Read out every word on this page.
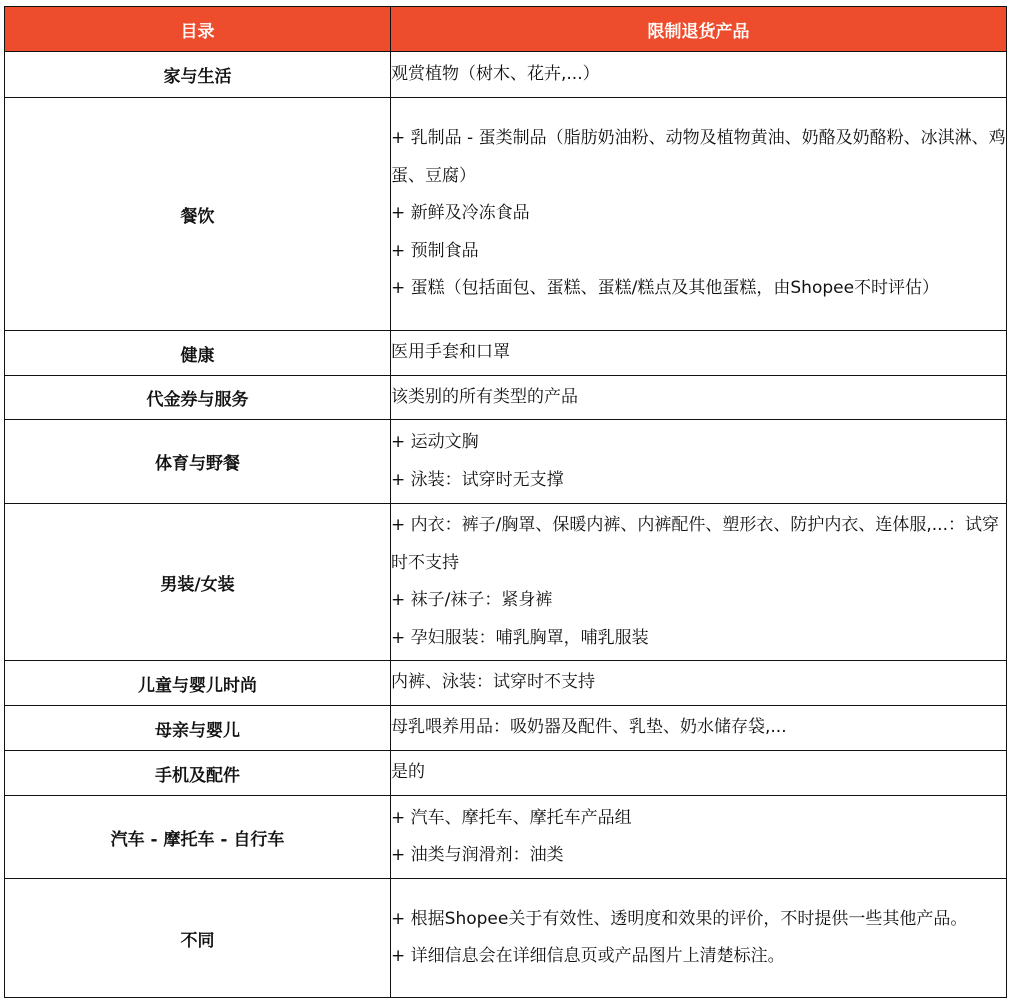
目录	限制退货产品
家与生活	观赏植物（树木、花卉,...）

餐饮	+ 乳制品 - 蛋类制品（脂肪奶油粉、动物及植物黄油、奶酪及奶酪粉、冰淇淋、鸡蛋、豆腐）
+ 新鲜及冷冻食品
+ 预制食品
+ 蛋糕（包括面包、蛋糕、蛋糕/糕点及其他蛋糕，由Shopee不时评估）

健康	医用手套和口罩

代金券与服务	该类别的所有类型的产品

体育与野餐	+ 运动文胸
+ 泳装：试穿时无支撑

男装/女装	+ 内衣：裤子/胸罩、保暖内裤、内裤配件、塑形衣、防护内衣、连体服,...：试穿时不支持
+ 袜子/袜子：紧身裤
+ 孕妇服装：哺乳胸罩，哺乳服装

儿童与婴儿时尚	内裤、泳装：试穿时不支持

母亲与婴儿	母乳喂养用品：吸奶器及配件、乳垫、奶水储存袋,...

手机及配件	是的

汽车 - 摩托车 - 自行车	+ 汽车、摩托车、摩托车产品组
+ 油类与润滑剂：油类

不同	+ 根据Shopee关于有效性、透明度和效果的评价，不时提供一些其他产品。
+ 详细信息会在详细信息页或产品图片上清楚标注。
